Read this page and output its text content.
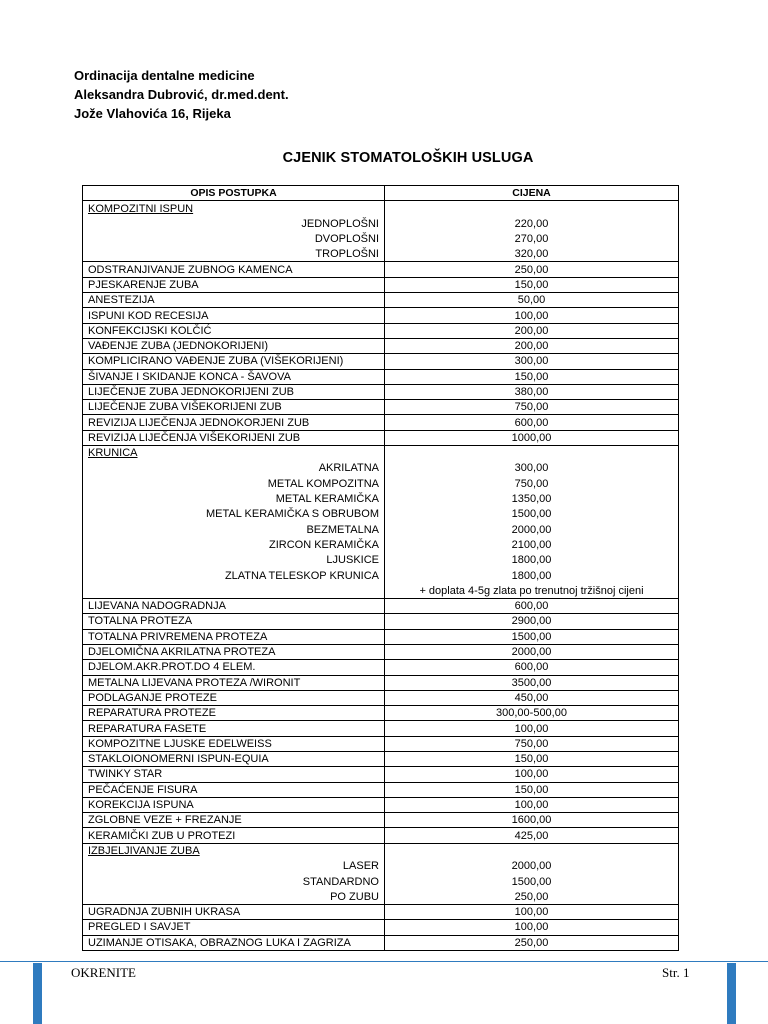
Ordinacija dentalne medicine
Aleksandra Dubrović, dr.med.dent.
Jože Vlahovića 16, Rijeka
CJENIK STOMATOLOŠKIH USLUGA
OPIS POSTUPKA	CIJENA
KOMPOZITNI ISPUN	
JEDNOPLOŠNI	220,00
DVOPLOŠNI	270,00
TROPLOŠNI	320,00
ODSTRANJIVANJE ZUBNOG KAMENCA	250,00
PJESKARENJE ZUBA	150,00
ANESTEZIJA	50,00
ISPUNI KOD RECESIJA	100,00
KONFEKCIJSKI KOLČIĆ	200,00
VAĐENJE ZUBA (JEDNOKORIJENI)	200,00
KOMPLICIRANO VAĐENJE ZUBA (VIŠEKORIJENI)	300,00
ŠIVANJE I SKIDANJE KONCA - ŠAVOVA	150,00
LIJEČENJE ZUBA JEDNOKORIJENI ZUB	380,00
LIJEČENJE ZUBA VIŠEKORIJENI ZUB	750,00
REVIZIJA LIJEČENJA JEDNOKORJENI ZUB	600,00
REVIZIJA LIJEČENJA VIŠEKORIJENI ZUB	1000,00
KRUNICA	
AKRILATNA	300,00
METAL KOMPOZITNA	750,00
METAL KERAMIČKA	1350,00
METAL KERAMIČKA S OBRUBOM	1500,00
BEZMETALNA	2000,00
ZIRCON KERAMIČKA	2100,00
LJUSKICE	1800,00
ZLATNA TELESKOP KRUNICA	1800,00
	+ doplata 4-5g zlata po trenutnoj tržišnoj cijeni
LIJEVANA NADOGRADNJA	600,00
TOTALNA PROTEZA	2900,00
TOTALNA PRIVREMENA PROTEZA	1500,00
DJELOMIČNA AKRILATNA PROTEZA	2000,00
DJELOM.AKR.PROT.DO 4 ELEM.	600,00
METALNA LIJEVANA PROTEZA /WIRONIT	3500,00
PODLAGANJE PROTEZE	450,00
REPARATURA PROTEZE	300,00-500,00
REPARATURA FASETE	100,00
KOMPOZITNE LJUSKE EDELWEISS	750,00
STAKLOIONOMERNI ISPUN-EQUIA	150,00
TWINKY STAR	100,00
PEČAĆENJE FISURA	150,00
KOREKCIJA ISPUNA	100,00
ZGLOBNE VEZE + FREZANJE	1600,00
KERAMIČKI ZUB U PROTEZI	425,00
IZBJELJIVANJE ZUBA	
LASER	2000,00
STANDARDNO	1500,00
PO ZUBU	250,00
UGRADNJA ZUBNIH UKRASA	100,00
PREGLED I SAVJET	100,00
UZIMANJE OTISAKA, OBRAZNOG LUKA I ZAGRIZA	250,00
OKRENITE	Str. 1
